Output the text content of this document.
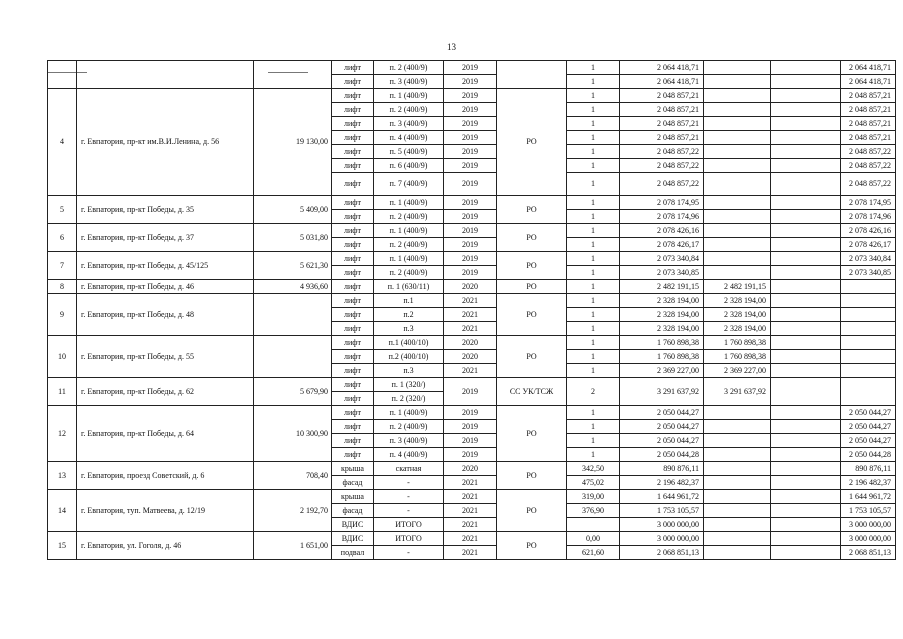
13
			лифт	п. 2 (400/9)	2019		1	2 064 418,71			2 064 418,71
			лифт	п. 3 (400/9)	2019		1	2 064 418,71			2 064 418,71
4	г. Евпатория, пр-кт им.В.И.Ленина, д. 56	19 130,00	лифт	п. 1 (400/9)	2019	РО	1	2 048 857,21			2 048 857,21
			лифт	п. 2 (400/9)	2019		1	2 048 857,21			2 048 857,21
			лифт	п. 3 (400/9)	2019		1	2 048 857,21			2 048 857,21
			лифт	п. 4 (400/9)	2019		1	2 048 857,21			2 048 857,21
			лифт	п. 5 (400/9)	2019		1	2 048 857,22			2 048 857,22
			лифт	п. 6 (400/9)	2019		1	2 048 857,22			2 048 857,22
			лифт	п. 7 (400/9)	2019		1	2 048 857,22			2 048 857,22
5	г. Евпатория, пр-кт Победы, д. 35	5 409,00	лифт	п. 1 (400/9)	2019	РО	1	2 078 174,95			2 078 174,95
			лифт	п. 2 (400/9)	2019		1	2 078 174,96			2 078 174,96
6	г. Евпатория, пр-кт Победы, д. 37	5 031,80	лифт	п. 1 (400/9)	2019	РО	1	2 078 426,16			2 078 426,16
			лифт	п. 2 (400/9)	2019		1	2 078 426,17			2 078 426,17
7	г. Евпатория, пр-кт Победы, д. 45/125	5 621,30	лифт	п. 1 (400/9)	2019	РО	1	2 073 340,84			2 073 340,84
			лифт	п. 2 (400/9)	2019		1	2 073 340,85			2 073 340,85
8	г. Евпатория, пр-кт Победы, д. 46	4 936,60	лифт	п. 1 (630/11)	2020	РО	1	2 482 191,15	2 482 191,15		
9	г. Евпатория, пр-кт Победы, д. 48		лифт	п.1	2021	РО	1	2 328 194,00	2 328 194,00		
			лифт	п.2	2021		1	2 328 194,00	2 328 194,00		
			лифт	п.3	2021		1	2 328 194,00	2 328 194,00		
10	г. Евпатория, пр-кт Победы, д. 55		лифт	п.1 (400/10)	2020	РО	1	1 760 898,38	1 760 898,38		
			лифт	п.2 (400/10)	2020		1	1 760 898,38	1 760 898,38		
			лифт	п.3	2021		1	2 369 227,00	2 369 227,00		
11	г. Евпатория, пр-кт Победы, д. 62	5 679,90	лифт	п. 1 (320/)	2019	СС УК/ТСЖ	2	3 291 637,92	3 291 637,92		
			лифт	п. 2 (320/)							
12	г. Евпатория, пр-кт Победы, д. 64	10 300,90	лифт	п. 1 (400/9)	2019	РО	1	2 050 044,27			2 050 044,27
			лифт	п. 2 (400/9)	2019		1	2 050 044,27			2 050 044,27
			лифт	п. 3 (400/9)	2019		1	2 050 044,27			2 050 044,27
			лифт	п. 4 (400/9)	2019		1	2 050 044,28			2 050 044,28
13	г. Евпатория, проезд Советский, д. 6	708,40	крыша	скатная	2020	РО	342,50	890 876,11			890 876,11
			фасад	-	2021		475,02	2 196 482,37			2 196 482,37
14	г. Евпатория, туп. Матвеева, д. 12/19	2 192,70	крыша	-	2021	РО	319,00	1 644 961,72			1 644 961,72
			фасад	-	2021		376,90	1 753 105,57			1 753 105,57
			ВДИС	ИТОГО	2021			3 000 000,00			3 000 000,00
15	г. Евпатория, ул. Гоголя, д. 46	1 651,00	ВДИС	ИТОГО	2021	РО	0,00	3 000 000,00			3 000 000,00
			подвал	-	2021		621,60	2 068 851,13			2 068 851,13
